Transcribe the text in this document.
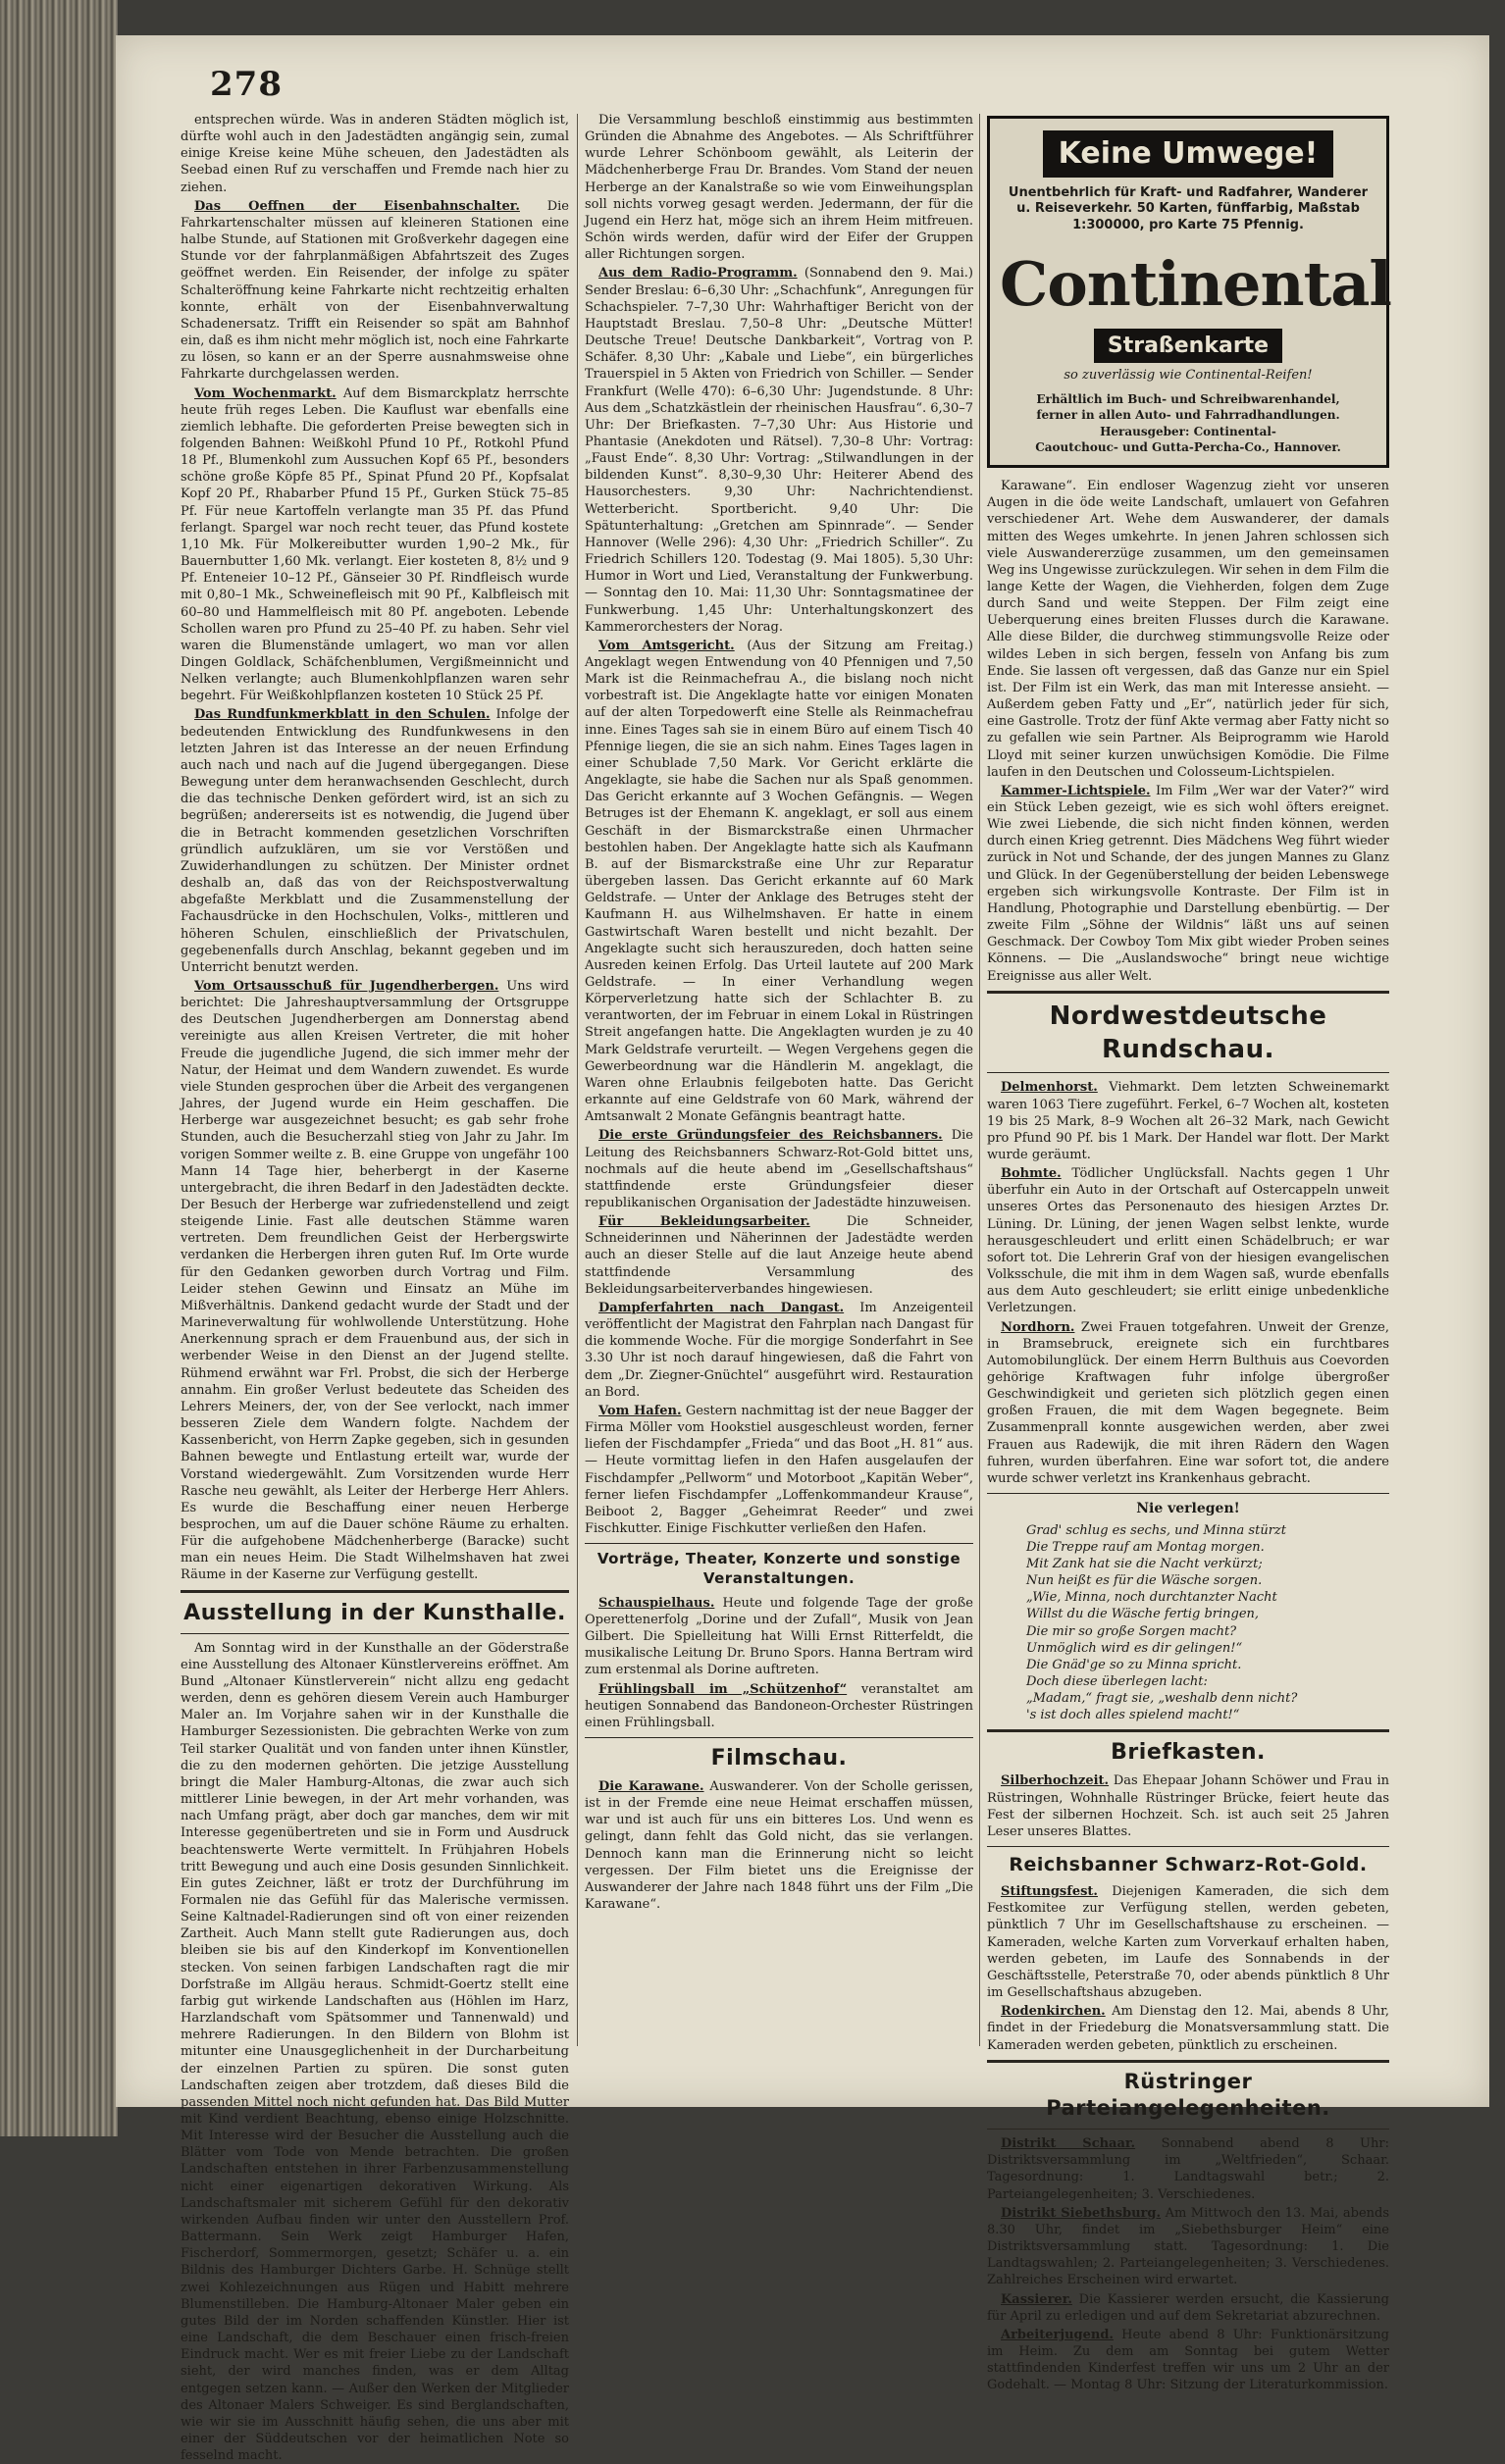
278

entsprechen würde. Was in anderen Städten möglich ist, dürfte wohl auch in den Jadestädten angängig sein, zumal einige Kreise keine Mühe scheuen, den Jadestädten als Seebad einen Ruf zu verschaffen und Fremde nach hier zu ziehen.

Das Oeffnen der Eisenbahnschalter. Die Fahrkartenschalter müssen auf kleineren Stationen eine halbe Stunde, auf Stationen mit Großverkehr dagegen eine Stunde vor der fahrplanmäßigen Abfahrtszeit des Zuges geöffnet werden. Ein Reisender, der infolge zu später Schalteröffnung keine Fahrkarte nicht rechtzeitig erhalten konnte, erhält von der Eisenbahnverwaltung Schadenersatz. Trifft ein Reisender so spät am Bahnhof ein, daß es ihm nicht mehr möglich ist, noch eine Fahrkarte zu lösen, so kann er an der Sperre ausnahmsweise ohne Fahrkarte durchgelassen werden.

Vom Wochenmarkt. Auf dem Bismarckplatz herrschte heute früh reges Leben. Die Kauflust war ebenfalls eine ziemlich lebhafte. Die geforderten Preise bewegten sich in folgenden Bahnen: Weißkohl Pfund 10 Pf., Rotkohl Pfund 18 Pf., Blumenkohl zum Aussuchen Kopf 65 Pf., besonders schöne große Köpfe 85 Pf., Spinat Pfund 20 Pf., Kopfsalat Kopf 20 Pf., Rhabarber Pfund 15 Pf., Gurken Stück 75–85 Pf. Für neue Kartoffeln verlangte man 35 Pf. das Pfund ferlangt. Spargel war noch recht teuer, das Pfund kostete 1,10 Mk. Für Molkereibutter wurden 1,90–2 Mk., für Bauernbutter 1,60 Mk. verlangt. Eier kosteten 8, 8½ und 9 Pf. Enteneier 10–12 Pf., Gänseier 30 Pf. Rindfleisch wurde mit 0,80–1 Mk., Schweinefleisch mit 90 Pf., Kalbfleisch mit 60–80 und Hammelfleisch mit 80 Pf. angeboten. Lebende Schollen waren pro Pfund zu 25–40 Pf. zu haben. Sehr viel waren die Blumenstände umlagert, wo man vor allen Dingen Goldlack, Schäfchenblumen, Vergißmeinnicht und Nelken verlangte; auch Blumenkohlpflanzen waren sehr begehrt. Für Weißkohlpflanzen kosteten 10 Stück 25 Pf.

Das Rundfunkmerkblatt in den Schulen. Infolge der bedeutenden Entwicklung des Rundfunkwesens in den letzten Jahren ist das Interesse an der neuen Erfindung auch nach und nach auf die Jugend übergegangen. Diese Bewegung unter dem heranwachsenden Geschlecht, durch die das technische Denken gefördert wird, ist an sich zu begrüßen; andererseits ist es notwendig, die Jugend über die in Betracht kommenden gesetzlichen Vorschriften gründlich aufzuklären, um sie vor Verstößen und Zuwiderhandlungen zu schützen. Der Minister ordnet deshalb an, daß das von der Reichspostverwaltung abgefaßte Merkblatt und die Zusammenstellung der Fachausdrücke in den Hochschulen, Volks-, mittleren und höheren Schulen, einschließlich der Privatschulen, gegebenenfalls durch Anschlag, bekannt gegeben und im Unterricht benutzt werden.

Vom Ortsausschuß für Jugendherbergen. Uns wird berichtet: Die Jahreshauptversammlung der Ortsgruppe des Deutschen Jugendherbergen am Donnerstag abend vereinigte aus allen Kreisen Vertreter, die mit hoher Freude die jugendliche Jugend, die sich immer mehr der Natur, der Heimat und dem Wandern zuwendet. Es wurde viele Stunden gesprochen über die Arbeit des vergangenen Jahres, der Jugend wurde ein Heim geschaffen. Die Herberge war ausgezeichnet besucht; es gab sehr frohe Stunden, auch die Besucherzahl stieg von Jahr zu Jahr. Im vorigen Sommer weilte z. B. eine Gruppe von ungefähr 100 Mann 14 Tage hier, beherbergt in der Kaserne untergebracht, die ihren Bedarf in den Jadestädten deckte. Der Besuch der Herberge war zufriedenstellend und zeigt steigende Linie. Fast alle deutschen Stämme waren vertreten. Dem freundlichen Geist der Herbergswirte verdanken die Herbergen ihren guten Ruf. Im Orte wurde für den Gedanken geworben durch Vortrag und Film. Leider stehen Gewinn und Einsatz an Mühe im Mißverhältnis. Dankend gedacht wurde der Stadt und der Marineverwaltung für wohlwollende Unterstützung. Hohe Anerkennung sprach er dem Frauenbund aus, der sich in werbender Weise in den Dienst an der Jugend stellte. Rühmend erwähnt war Frl. Probst, die sich der Herberge annahm. Ein großer Verlust bedeutete das Scheiden des Lehrers Meiners, der, von der See verlockt, nach immer besseren Ziele dem Wandern folgte. Nachdem der Kassenbericht, von Herrn Zapke gegeben, sich in gesunden Bahnen bewegte und Entlastung erteilt war, wurde der Vorstand wiedergewählt. Zum Vorsitzenden wurde Herr Rasche neu gewählt, als Leiter der Herberge Herr Ahlers. Es wurde die Beschaffung einer neuen Herberge besprochen, um auf die Dauer schöne Räume zu erhalten. Für die aufgehobene Mädchenherberge (Baracke) sucht man ein neues Heim. Die Stadt Wilhelmshaven hat zwei Räume in der Kaserne zur Verfügung gestellt.

Ausstellung in der Kunsthalle.

Am Sonntag wird in der Kunsthalle an der Göderstraße eine Ausstellung des Altonaer Künstlervereins eröffnet. Am Bund „Altonaer Künstlerverein“ nicht allzu eng gedacht werden, denn es gehören diesem Verein auch Hamburger Maler an. Im Vorjahre sahen wir in der Kunsthalle die Hamburger Sezessionisten. Die gebrachten Werke von zum Teil starker Qualität und von fanden unter ihnen Künstler, die zu den modernen gehörten. Die jetzige Ausstellung bringt die Maler Hamburg-Altonas, die zwar auch sich mittlerer Linie bewegen, in der Art mehr vorhanden, was nach Umfang prägt, aber doch gar manches, dem wir mit Interesse gegenübertreten und sie in Form und Ausdruck beachtenswerte Werte vermittelt. In Frühjahren Hobels tritt Bewegung und auch eine Dosis gesunden Sinnlichkeit. Ein gutes Zeichner, läßt er trotz der Durchführung im Formalen nie das Gefühl für das Malerische vermissen. Seine Kaltnadel-Radierungen sind oft von einer reizenden Zartheit. Auch Mann stellt gute Radierungen aus, doch bleiben sie bis auf den Kinderkopf im Konventionellen stecken. Von seinen farbigen Landschaften ragt die mir Dorfstraße im Allgäu heraus. Schmidt-Goertz stellt eine farbig gut wirkende Landschaften aus (Höhlen im Harz, Harzlandschaft vom Spätsommer und Tannenwald) und mehrere Radierungen. In den Bildern von Blohm ist mitunter eine Unausgeglichenheit in der Durcharbeitung der einzelnen Partien zu spüren. Die sonst guten Landschaften zeigen aber trotzdem, daß dieses Bild die passenden Mittel noch nicht gefunden hat. Das Bild Mutter mit Kind verdient Beachtung, ebenso einige Holzschnitte. Mit Interesse wird der Besucher die Ausstellung auch die Blätter vom Tode von Mende betrachten. Die großen Landschaften entstehen in ihrer Farbenzusammenstellung nicht einer eigenartigen dekorativen Wirkung. Als Landschaftsmaler mit sicherem Gefühl für den dekorativ wirkenden Aufbau finden wir unter den Ausstellern Prof. Battermann. Sein Werk zeigt Hamburger Hafen, Fischerdorf, Sommermorgen, gesetzt; Schäfer u. a. ein Bildnis des Hamburger Dichters Garbe. H. Schnüge stellt zwei Kohlezeichnungen aus Rügen und Habitt mehrere Blumenstilleben. Die Hamburg-Altonaer Maler geben ein gutes Bild der im Norden schaffenden Künstler. Hier ist eine Landschaft, die dem Beschauer einen frisch-freien Eindruck macht. Wer es mit freier Liebe zu der Landschaft sieht, der wird manches finden, was er dem Alltag entgegen setzen kann. — Außer den Werken der Mitglieder des Altonaer Malers Schweiger. Es sind Berglandschaften, wie wir sie im Ausschnitt häufig sehen, die uns aber mit einer der Süddeutschen vor der heimatlichen Note so fesselnd macht.

Die Versammlung beschloß einstimmig aus bestimmten Gründen die Abnahme des Angebotes. — Als Schriftführer wurde Lehrer Schönboom gewählt, als Leiterin der Mädchenherberge Frau Dr. Brandes. Vom Stand der neuen Herberge an der Kanalstraße so wie vom Einweihungsplan soll nichts vorweg gesagt werden. Jedermann, der für die Jugend ein Herz hat, möge sich an ihrem Heim mitfreuen. Schön wirds werden, dafür wird der Eifer der Gruppen aller Richtungen sorgen.

Aus dem Radio-Programm. (Sonnabend den 9. Mai.) Sender Breslau: 6–6,30 Uhr: „Schachfunk“, Anregungen für Schachspieler. 7–7,30 Uhr: Wahrhaftiger Bericht von der Hauptstadt Breslau. 7,50–8 Uhr: „Deutsche Mütter! Deutsche Treue! Deutsche Dankbarkeit“, Vortrag von P. Schäfer. 8,30 Uhr: „Kabale und Liebe“, ein bürgerliches Trauerspiel in 5 Akten von Friedrich von Schiller. — Sender Frankfurt (Welle 470): 6–6,30 Uhr: Jugendstunde. 8 Uhr: Aus dem „Schatzkästlein der rheinischen Hausfrau“. 6,30–7 Uhr: Der Briefkasten. 7–7,30 Uhr: Aus Historie und Phantasie (Anekdoten und Rätsel). 7,30–8 Uhr: Vortrag: „Faust Ende“. 8,30 Uhr: Vortrag: „Stilwandlungen in der bildenden Kunst“. 8,30–9,30 Uhr: Heiterer Abend des Hausorchesters. 9,30 Uhr: Nachrichtendienst. Wetterbericht. Sportbericht. 9,40 Uhr: Die Spätunterhaltung: „Gretchen am Spinnrade“. — Sender Hannover (Welle 296): 4,30 Uhr: „Friedrich Schiller“. Zu Friedrich Schillers 120. Todestag (9. Mai 1805). 5,30 Uhr: Humor in Wort und Lied, Veranstaltung der Funkwerbung. — Sonntag den 10. Mai: 11,30 Uhr: Sonntagsmatinee der Funkwerbung. 1,45 Uhr: Unterhaltungskonzert des Kammerorchesters der Norag.

Vom Amtsgericht. (Aus der Sitzung am Freitag.) Angeklagt wegen Entwendung von 40 Pfennigen und 7,50 Mark ist die Reinmachefrau A., die bislang noch nicht vorbestraft ist. Die Angeklagte hatte vor einigen Monaten auf der alten Torpedowerft eine Stelle als Reinmachefrau inne. Eines Tages sah sie in einem Büro auf einem Tisch 40 Pfennige liegen, die sie an sich nahm. Eines Tages lagen in einer Schublade 7,50 Mark. Vor Gericht erklärte die Angeklagte, sie habe die Sachen nur als Spaß genommen. Das Gericht erkannte auf 3 Wochen Gefängnis. — Wegen Betruges ist der Ehemann K. angeklagt, er soll aus einem Geschäft in der Bismarckstraße einen Uhrmacher bestohlen haben. Der Angeklagte hatte sich als Kaufmann B. auf der Bismarckstraße eine Uhr zur Reparatur übergeben lassen. Das Gericht erkannte auf 60 Mark Geldstrafe. — Unter der Anklage des Betruges steht der Kaufmann H. aus Wilhelmshaven. Er hatte in einem Gastwirtschaft Waren bestellt und nicht bezahlt. Der Angeklagte sucht sich herauszureden, doch hatten seine Ausreden keinen Erfolg. Das Urteil lautete auf 200 Mark Geldstrafe. — In einer Verhandlung wegen Körperverletzung hatte sich der Schlachter B. zu verantworten, der im Februar in einem Lokal in Rüstringen Streit angefangen hatte. Die Angeklagten wurden je zu 40 Mark Geldstrafe verurteilt. — Wegen Vergehens gegen die Gewerbeordnung war die Händlerin M. angeklagt, die Waren ohne Erlaubnis feilgeboten hatte. Das Gericht erkannte auf eine Geldstrafe von 60 Mark, während der Amtsanwalt 2 Monate Gefängnis beantragt hatte.

Die erste Gründungsfeier des Reichsbanners. Die Leitung des Reichsbanners Schwarz-Rot-Gold bittet uns, nochmals auf die heute abend im „Gesellschaftshaus“ stattfindende erste Gründungsfeier dieser republikanischen Organisation der Jadestädte hinzuweisen.

Für Bekleidungsarbeiter.	Die Schneider, Schneiderinnen und Näherinnen der Jadestädte werden auch an dieser Stelle auf die laut Anzeige heute abend stattfindende Versammlung des Bekleidungsarbeiterverbandes hingewiesen.

Dampferfahrten nach Dangast. Im Anzeigenteil veröffentlicht der Magistrat den Fahrplan nach Dangast für die kommende Woche. Für die morgige Sonderfahrt in See 3.30 Uhr ist noch darauf hingewiesen, daß die Fahrt von dem „Dr. Ziegner-Gnüchtel“ ausgeführt wird. Restauration an Bord.

Vom Hafen. Gestern nachmittag ist der neue Bagger der Firma Möller vom Hookstiel ausgeschleust worden, ferner liefen der Fischdampfer „Frieda“ und das Boot „H. 81“ aus. — Heute vormittag liefen in den Hafen ausgelaufen der Fischdampfer „Pellworm“ und Motorboot „Kapitän Weber“, ferner liefen Fischdampfer „Loffenkommandeur Krause“, Beiboot 2, Bagger „Geheimrat Reeder“ und zwei Fischkutter. Einige Fischkutter verließen den Hafen.

Vorträge, Theater, Konzerte und sonstige Veranstaltungen.

Schauspielhaus. Heute und folgende Tage der große Operettenerfolg „Dorine und der Zufall“, Musik von Jean Gilbert. Die Spielleitung hat Willi Ernst Ritterfeldt, die musikalische Leitung Dr. Bruno Spors. Hanna Bertram wird zum erstenmal als Dorine auftreten.

Frühlingsball im „Schützenhof“ veranstaltet am heutigen Sonnabend das Bandoneon-Orchester Rüstringen einen Frühlingsball.

Filmschau.

Die Karawane. Auswanderer. Von der Scholle gerissen, ist in der Fremde eine neue Heimat erschaffen müssen, war und ist auch für uns ein bitteres Los. Und wenn es gelingt, dann fehlt das Gold nicht, das sie verlangen. Dennoch kann man die Erinnerung nicht so leicht vergessen. Der Film bietet uns die Ereignisse der Auswanderer der Jahre nach 1848 führt uns der Film „Die Karawane“.

Keine Umwege!
Unentbehrlich für Kraft- und Radfahrer, Wanderer u. Reiseverkehr. 50 Karten, fünffarbig, Maßstab 1:300000, pro Karte 75 Pfennig.
Continental
Straßenkarte
so zuverlässig wie Continental-Reifen!
Erhältlich im Buch- und Schreibwarenhandel,
ferner in allen Auto- und Fahrradhandlungen.
Herausgeber: Continental-
Caoutchouc- und Gutta-Percha-Co., Hannover.

Karawane“. Ein endloser Wagenzug zieht vor unseren Augen in die öde weite Landschaft, umlauert von Gefahren verschiedener Art. Wehe dem Auswanderer, der damals mitten des Weges umkehrte. In jenen Jahren schlossen sich viele Auswandererzüge zusammen, um den gemeinsamen Weg ins Ungewisse zurückzulegen. Wir sehen in dem Film die lange Kette der Wagen, die Viehherden, folgen dem Zuge durch Sand und weite Steppen. Der Film zeigt eine Ueberquerung eines breiten Flusses durch die Karawane. Alle diese Bilder, die durchweg stimmungsvolle Reize oder wildes Leben in sich bergen, fesseln von Anfang bis zum Ende. Sie lassen oft vergessen, daß das Ganze nur ein Spiel ist. Der Film ist ein Werk, das man mit Interesse ansieht. — Außerdem geben Fatty und „Er“, natürlich jeder für sich, eine Gastrolle. Trotz der fünf Akte vermag aber Fatty nicht so zu gefallen wie sein Partner. Als Beiprogramm wie Harold Lloyd mit seiner kurzen unwüchsigen Komödie. Die Filme laufen in den Deutschen und Colosseum-Lichtspielen.

Kammer-Lichtspiele. Im Film „Wer war der Vater?“ wird ein Stück Leben gezeigt, wie es sich wohl öfters ereignet. Wie zwei Liebende, die sich nicht finden können, werden durch einen Krieg getrennt. Dies Mädchens Weg führt wieder zurück in Not und Schande, der des jungen Mannes zu Glanz und Glück. In der Gegenüberstellung der beiden Lebenswege ergeben sich wirkungsvolle Kontraste. Der Film ist in Handlung, Photographie und Darstellung ebenbürtig. — Der zweite Film „Söhne der Wildnis“ läßt uns auf seinen Geschmack. Der Cowboy Tom Mix gibt wieder Proben seines Könnens. — Die „Auslandswoche“ bringt neue wichtige Ereignisse aus aller Welt.

Nordwestdeutsche Rundschau.

Delmenhorst. Viehmarkt. Dem letzten Schweinemarkt waren 1063 Tiere zugeführt. Ferkel, 6–7 Wochen alt, kosteten 19 bis 25 Mark, 8–9 Wochen alt 26–32 Mark, nach Gewicht pro Pfund 90 Pf. bis 1 Mark. Der Handel war flott. Der Markt wurde geräumt.

Bohmte. Tödlicher Unglücksfall. Nachts gegen 1 Uhr überfuhr ein Auto in der Ortschaft auf Ostercappeln unweit unseres Ortes das Personenauto des hiesigen Arztes Dr. Lüning. Dr. Lüning, der jenen Wagen selbst lenkte, wurde herausgeschleudert und erlitt einen Schädelbruch; er war sofort tot. Die Lehrerin Graf von der hiesigen evangelischen Volksschule, die mit ihm in dem Wagen saß, wurde ebenfalls aus dem Auto geschleudert; sie erlitt einige unbedenkliche Verletzungen.

Nordhorn. Zwei Frauen totgefahren. Unweit der Grenze, in Bramsebruck, ereignete sich ein furchtbares Automobilunglück. Der einem Herrn Bulthuis aus Coevorden gehörige Kraftwagen fuhr infolge übergroßer Geschwindigkeit und gerieten sich plötzlich gegen einen großen Frauen, die mit dem Wagen begegnete. Beim Zusammenprall konnte ausgewichen werden, aber zwei Frauen aus Radewijk, die mit ihren Rädern den Wagen fuhren, wurden überfahren. Eine war sofort tot, die andere wurde schwer verletzt ins Krankenhaus gebracht.

Nie verlegen!
Grad' schlug es sechs, und Minna stürzt
Die Treppe rauf am Montag morgen.
Mit Zank hat sie die Nacht verkürzt;
Nun heißt es für die Wäsche sorgen.
„Wie, Minna, noch durchtanzter Nacht
Willst du die Wäsche fertig bringen,
Die mir so große Sorgen macht?
Unmöglich wird es dir gelingen!“
Die Gnäd'ge so zu Minna spricht.
Doch diese überlegen lacht:
„Madam,“ fragt sie, „weshalb denn nicht?
's ist doch alles spielend macht!“
Briefkasten.

Silberhochzeit. Das Ehepaar Johann Schöwer und Frau in Rüstringen, Wohnhalle Rüstringer Brücke, feiert heute das Fest der silbernen Hochzeit. Sch. ist auch seit 25 Jahren Leser unseres Blattes.

Reichsbanner Schwarz-Rot-Gold.

Stiftungsfest. Diejenigen Kameraden, die sich dem Festkomitee zur Verfügung stellen, werden gebeten, pünktlich 7 Uhr im Gesellschaftshause zu erscheinen. — Kameraden, welche Karten zum Vorverkauf erhalten haben, werden gebeten, im Laufe des Sonnabends in der Geschäftsstelle, Peterstraße 70, oder abends pünktlich 8 Uhr im Gesellschaftshaus abzugeben.

Rodenkirchen. Am Dienstag den 12. Mai, abends 8 Uhr, findet in der Friedeburg die Monatsversammlung statt. Die Kameraden werden gebeten, pünktlich zu erscheinen.

Rüstringer Parteiangelegenheiten.

Distrikt Schaar. Sonnabend abend 8 Uhr: Distriktsversammlung im „Weltfrieden“, Schaar. Tagesordnung: 1. Landtagswahl betr.; 2. Parteiangelegenheiten; 3. Verschiedenes.

Distrikt Siebethsburg. Am Mittwoch den 13. Mai, abends 8.30 Uhr, findet im „Siebethsburger Heim“ eine Distriktsversammlung statt. Tagesordnung: 1. Die Landtagswahlen; 2. Parteiangelegenheiten; 3. Verschiedenes. Zahlreiches Erscheinen wird erwartet.

Kassierer. Die Kassierer werden ersucht, die Kassierung für April zu erledigen und auf dem Sekretariat abzurechnen.

Arbeiterjugend. Heute abend 8 Uhr: Funktionärsitzung im Heim. Zu dem am Sonntag bei gutem Wetter stattfindenden Kinderfest treffen wir uns um 2 Uhr an der Godehalt. — Montag 8 Uhr: Sitzung der Literaturkommission.
